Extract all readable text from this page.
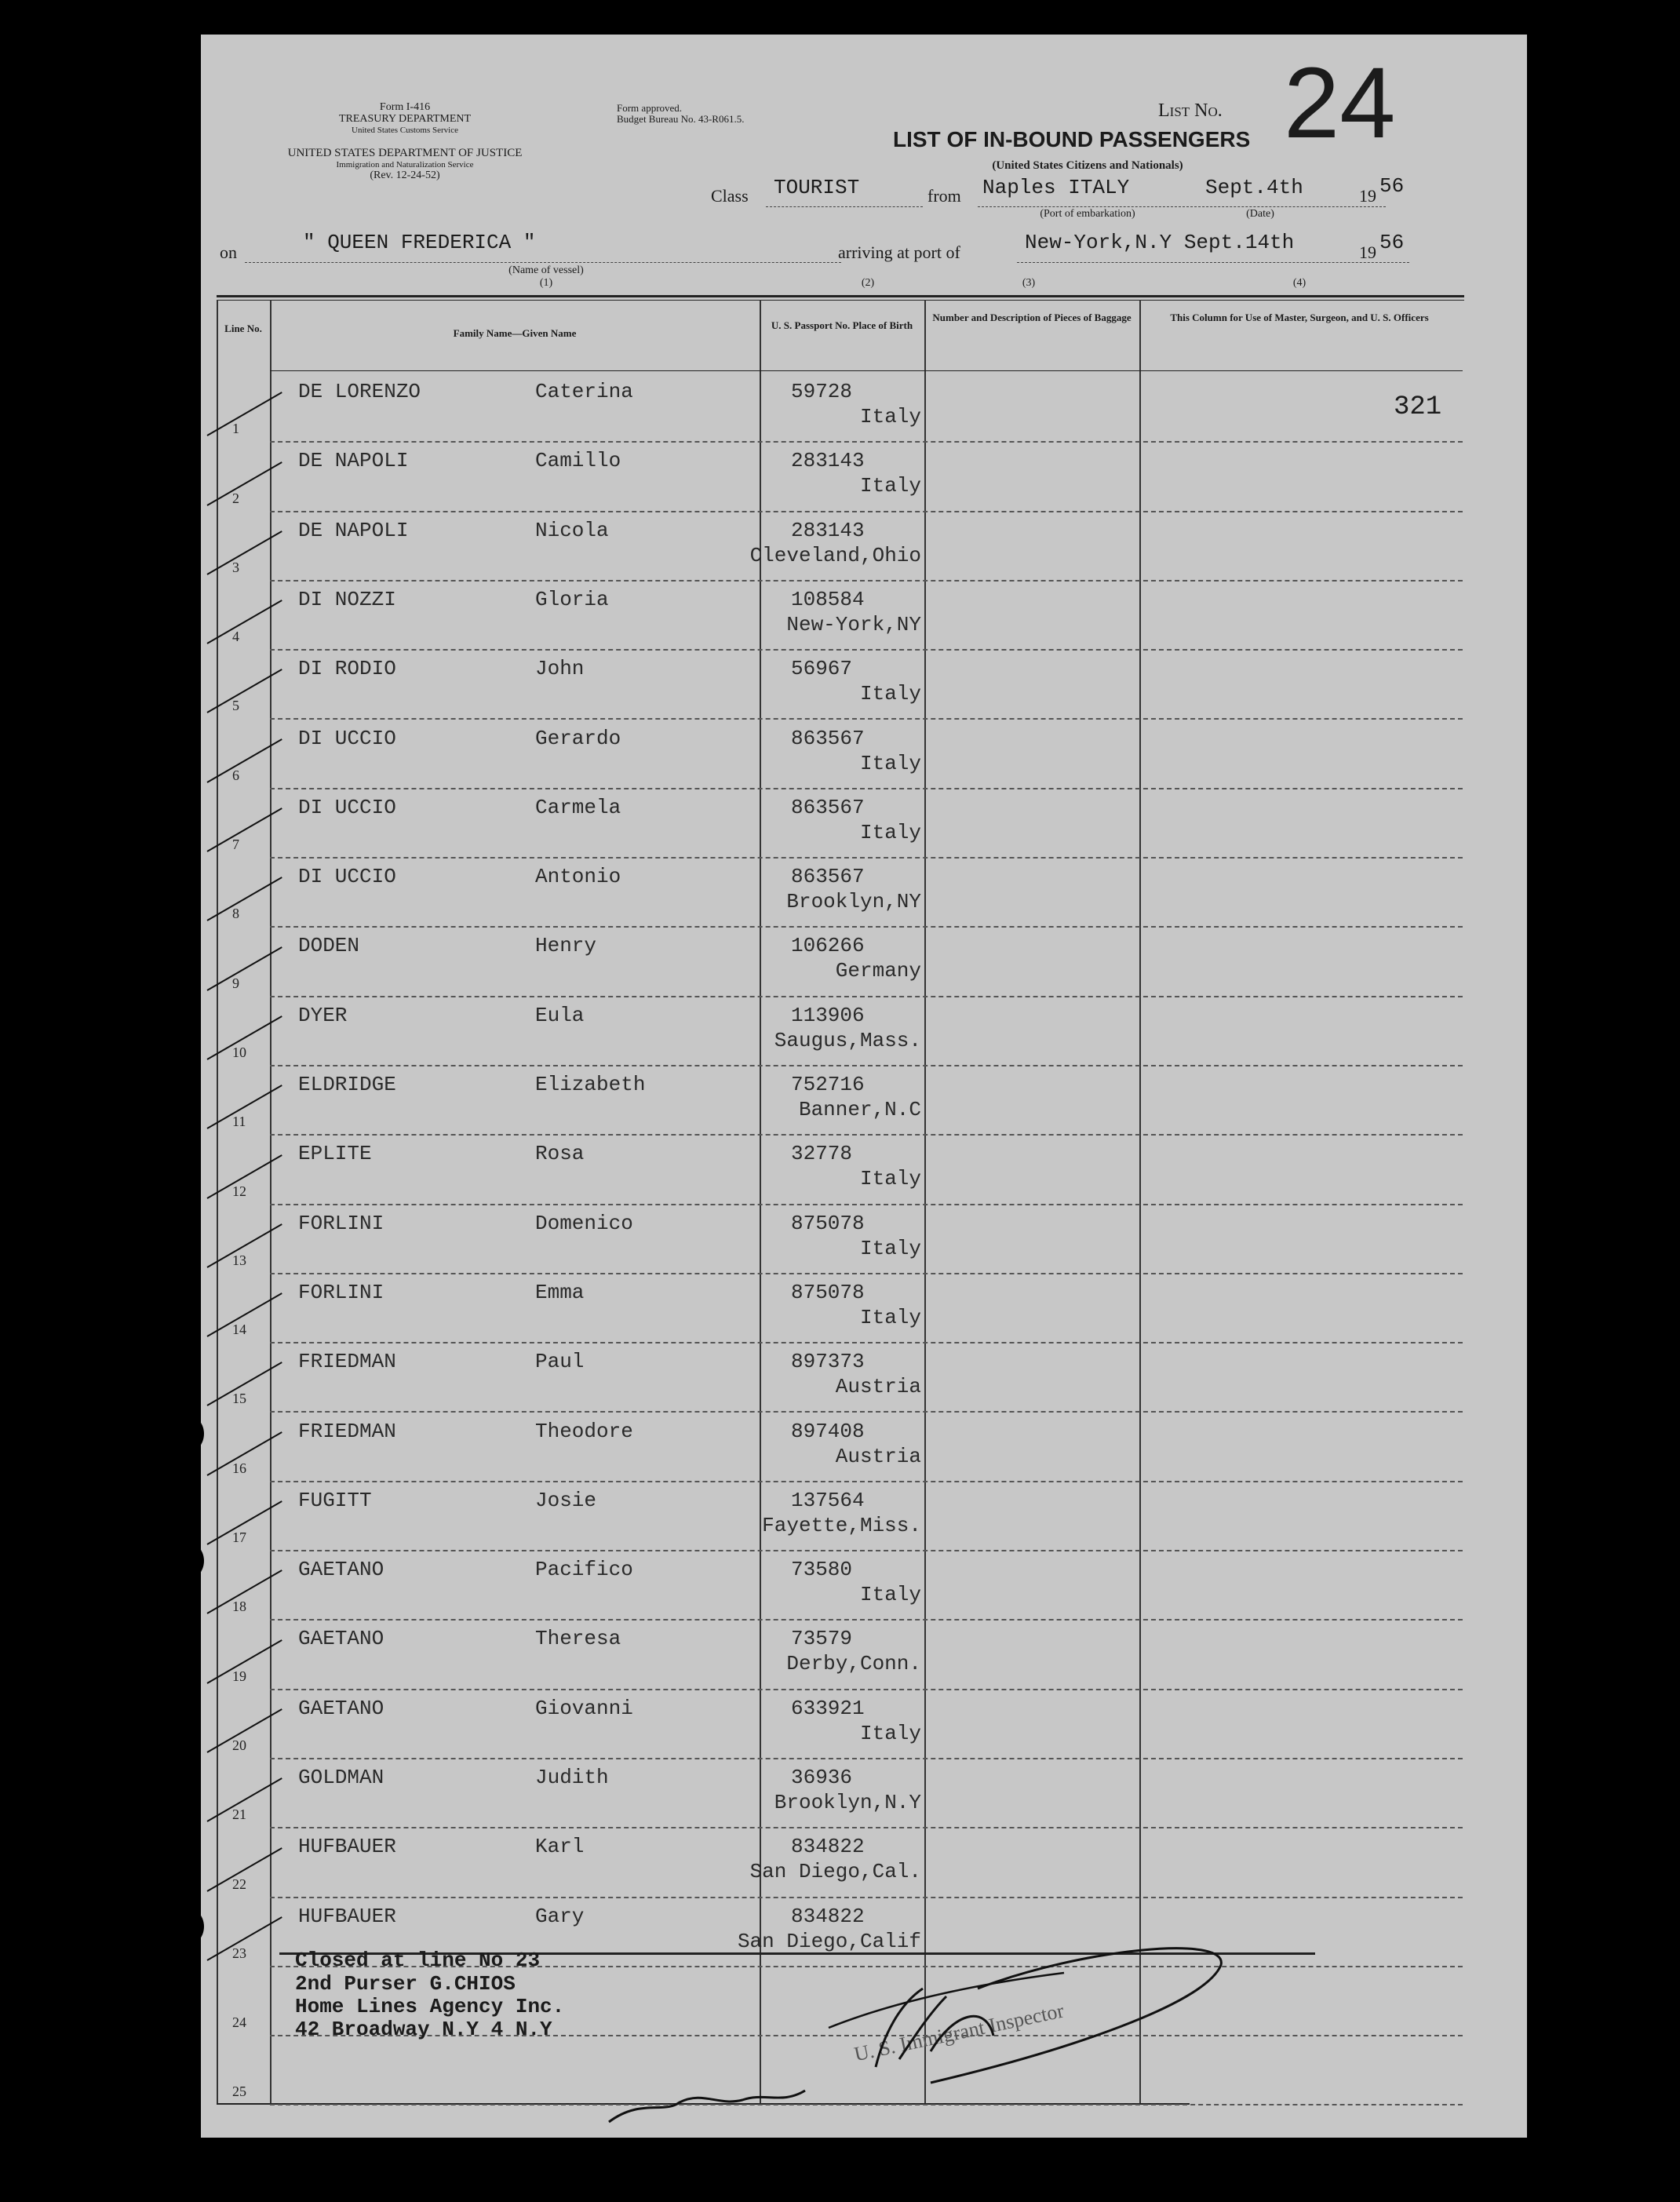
Form I-416
TREASURY DEPARTMENT
United States Customs Service
UNITED STATES DEPARTMENT OF JUSTICE
Immigration and Naturalization Service
(Rev. 12-24-52)
Form approved.
Budget Bureau No. 43-R061.5.	List No. 24
LIST OF IN-BOUND PASSENGERS
(United States Citizens and Nationals)
Class TOURIST	from Naples ITALY
(Port of embarkation)
Sept.4th
(Date)
19 56
on	" QUEEN FREDERICA "
(Name of vessel)
(1)
arriving at port of	New-York,N.Y Sept.14th	19 56
(2)	(3)	(4)
Line No.	Family Name—Given Name
U. S. Passport No. Place of Birth
Number and Description of Pieces of Baggage	This Column for Use of Master, Surgeon, and U. S. Officers
321
1
DE LORENZO	Caterina	59728
Italy
2
DE NAPOLI	Camillo	283143
Italy
3
DE NAPOLI	Nicola	283143
Cleveland,Ohio
4
DI NOZZI	Gloria	108584
New-York,NY
5
DI RODIO	John	56967
Italy
6
DI UCCIO	Gerardo	863567
Italy
7
DI UCCIO	Carmela	863567
Italy
8
DI UCCIO	Antonio	863567
Brooklyn,NY
9
DODEN	Henry	106266
Germany
10
DYER	Eula	113906
Saugus,Mass.
11
ELDRIDGE	Elizabeth	752716
Banner,N.C
12
EPLITE	Rosa	32778
Italy
13
FORLINI	Domenico	875078
Italy
14
FORLINI	Emma	875078
Italy
15
FRIEDMAN	Paul	897373
Austria
16
FRIEDMAN	Theodore	897408
Austria
17
FUGITT	Josie	137564
Fayette,Miss.
18
GAETANO	Pacifico	73580
Italy
19
GAETANO	Theresa	73579
Derby,Conn.
20
GAETANO	Giovanni	633921
Italy
21
GOLDMAN	Judith	36936
Brooklyn,N.Y
22
HUFBAUER	Karl	834822
San Diego,Cal.
23
HUFBAUER	Gary	834822
San Diego,Calif
24
25
Closed at line No 23
2nd Purser G.CHIOS
Home Lines Agency Inc.
42 Broadway N.Y 4 N.Y	U. S. Immigrant Inspector
